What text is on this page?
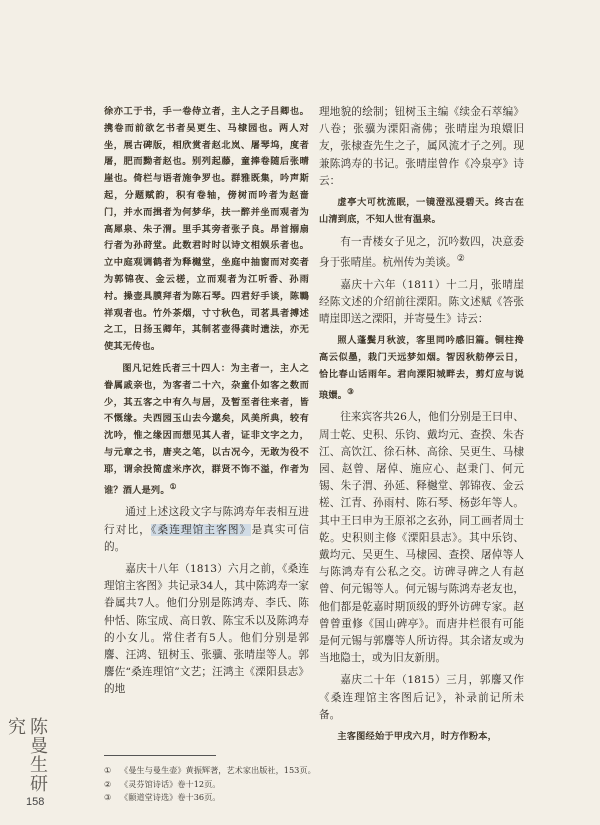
徐亦工于书，手一卷侍立者，主人之子吕卿也。携卷而前欲乞书者吴更生、马棣园也。两人对坐，展古碑版，相欣赏者赵北岚、屠琴坞，度者屠，肥而黝者赵也。别列起藤，童捧卷随后张晴崖也。倚栏与语者施争罗也。群雅既集，吟声斯起，分题赋韵，积有卷轴，傍树而吟者为赵啬门，并水而揖者为何梦华，扶一醉并坐而观者为高犀泉、朱子渭。里手其旁者张子良。昂首搦扇行者为孙莳堂。此数君时时以诗文相娱乐者也。立中庭观调鹤者为释樾堂，坐庭中抽窗而对奕者为郭锦夜、金云槎，立而观者为江听香、孙雨村。操壶具膜拜者为陈石琴。四君好手谈，陈鶤祥观者也。竹外茶烟，寸寸秋色，司茗具者搏述之工，日扬玉卿年，其制茗壶得龚时遗法，亦无使其无传也。

图凡记姓氏者三十四人：为主者一，主人之眷属戚亲也，为客者二十六，杂童仆如客之数而少，其五客之中有久与居，及暂至者往来者，皆不慨缘。夫西园玉山去今邈矣，风美所典，较有沈吟，惟之缘因而想见其人者，证非文字之力，与元章之书，唐夹之笔，以古况今，无敢为役不耶，谓余投简虚米序次，群贤不饰不溢，作者为谁？酒人是列。①

通过上述这段文字与陈鸿寿年表相互进行对比，《桑连理馆主客图》是真实可信的。

嘉庆十八年（1813）六月之前，《桑连理馆主客图》共记录34人，其中陈鸿寿一家眷属共7人。他们分别是陈鸿寿、李氏、陈仲恬、陈宝成、高日敦、陈宝禾以及陈鸿寿的小女儿。常住者有5人。他们分别是郭麐、汪鸿、钮树玉、张骥、张晴崖等人。郭麐佐“桑连理馆”文艺；汪鸿主《溧阳县志》的地

理地貌的绘制；钮树玉主编《续金石萃编》八卷；张骥为溧阳斋佛；张晴崖为琅嬛旧友，张棣查先生之子，属风流才子之列。现兼陈鸿寿的书记。张晴崖曾作《冷泉亭》诗云：

虚亭大可枕流眠，一镜澄泓浸碧天。终古在山清到底，不知人世有温泉。

有一青楼女子见之，沉吟数四，决意委身于张晴崖。杭州传为美谈。②

嘉庆十六年（1811）十二月，张晴崖经陈文述的介绍前往溧阳。陈文述赋《答张晴崖即送之溧阳，并寄曼生》诗云：

照人蓬鬓月秋波，客里同吟感旧篇。铜柱搀高云似墨，栽门天远梦如烟。智因秋舫停云日，恰比春山话雨年。君向溧阳城畔去，剪灯应与说琅嬛。③

往来宾客共26人，他们分别是王曰申、周士乾、史积、乐钧、戴均元、查揆、朱杏江、高饮江、徐石林、高徐、吴更生、马棣园、赵曾、屠倬、施应心、赵秉门、何元锡、朱子渭、孙延、释樾堂、郭锦夜、金云槎、江青、孙雨村、陈石琴、杨彭年等人。其中王曰申为王原祁之玄孙，同工画者周士乾。史积则主修《溧阳县志》。其中乐钧、戴均元、吴更生、马棣园、查揆、屠倬等人与陈鸿寿有公私之交。访碑寻碑之人有赵曾、何元锡等人。何元锡与陈鸿寿老友也，他们都是乾嘉时期顶级的野外访碑专家。赵曾曾重修《国山碑亭》。而唐井栏很有可能是何元锡与郭麐等人所访得。其余诸友或为当地隐士，或为旧友新朋。

嘉庆二十年（1815）三月，郭麐又作《桑连理馆主客图后记》，补录前记所未备。

主客图经始于甲戌六月，时方作粉本，

① 《曼生与曼生壶》黄振辉著，艺术家出版社，153页。

② 《灵芬馆诗话》卷十12页。

③ 《颐道堂诗选》卷十36页。

陈曼生研究
158
